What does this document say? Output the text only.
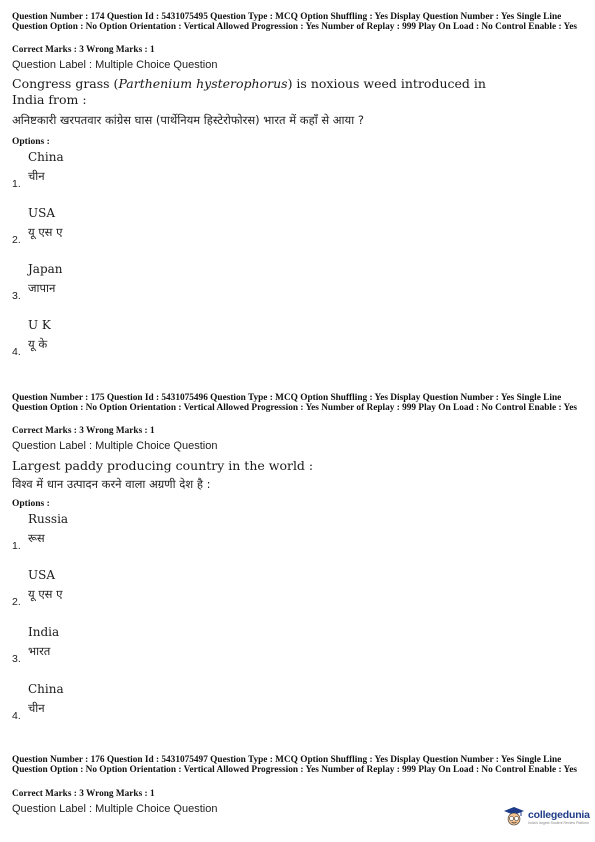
Question Number : 174 Question Id : 5431075495 Question Type : MCQ Option Shuffling : Yes Display Question Number : Yes Single Line Question Option : No Option Orientation : Vertical Allowed Progression : Yes Number of Replay : 999 Play On Load : No Control Enable : Yes
Correct Marks : 3 Wrong Marks : 1
Question Label : Multiple Choice Question
Congress grass (Parthenium hysterophorus) is noxious weed introduced in India from :
अनिष्टकारी खरपतवार कांग्रेस घास (पार्थेनियम हिस्टेरोफोरस) भारत में कहाँ से आया ?
Options :
China
चीन
1.
USA
यू एस ए
2.
Japan
जापान
3.
U K
यू के
4.
Question Number : 175 Question Id : 5431075496 Question Type : MCQ Option Shuffling : Yes Display Question Number : Yes Single Line Question Option : No Option Orientation : Vertical Allowed Progression : Yes Number of Replay : 999 Play On Load : No Control Enable : Yes
Correct Marks : 3 Wrong Marks : 1
Question Label : Multiple Choice Question
Largest paddy producing country in the world :
विश्व में धान उत्पादन करने वाला अग्रणी देश है :
Options :
Russia
रूस
1.
USA
यू एस ए
2.
India
भारत
3.
China
चीन
4.
Question Number : 176 Question Id : 5431075497 Question Type : MCQ Option Shuffling : Yes Display Question Number : Yes Single Line Question Option : No Option Orientation : Vertical Allowed Progression : Yes Number of Replay : 999 Play On Load : No Control Enable : Yes
Correct Marks : 3 Wrong Marks : 1
Question Label : Multiple Choice Question	collegedunia
India's largest Student Review Platform
